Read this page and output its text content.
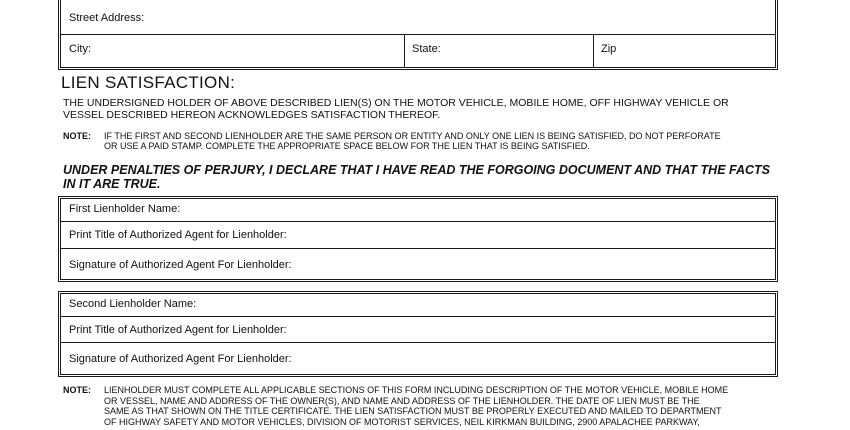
Street Address:
City:	State:	Zip
LIEN SATISFACTION:
THE UNDERSIGNED HOLDER OF ABOVE DESCRIBED LIEN(S) ON THE MOTOR VEHICLE, MOBILE HOME, OFF HIGHWAY VEHICLE OR
VESSEL DESCRIBED HEREON ACKNOWLEDGES SATISFACTION THEREOF.
NOTE: IF THE FIRST AND SECOND LIENHOLDER ARE THE SAME PERSON OR ENTITY AND ONLY ONE LIEN IS BEING SATISFIED, DO NOT PERFORATE
OR USE A PAID STAMP. COMPLETE THE APPROPRIATE SPACE BELOW FOR THE LIEN THAT IS BEING SATISFIED.
UNDER PENALTIES OF PERJURY, I DECLARE THAT I HAVE READ THE FORGOING DOCUMENT AND THAT THE FACTS
IN IT ARE TRUE.
First Lienholder Name:
Print Title of Authorized Agent for Lienholder:
Signature of Authorized Agent For Lienholder:
Second Lienholder Name:
Print Title of Authorized Agent for Lienholder:
Signature of Authorized Agent For Lienholder:
NOTE: LIENHOLDER MUST COMPLETE ALL APPLICABLE SECTIONS OF THIS FORM INCLUDING DESCRIPTION OF THE MOTOR VEHICLE, MOBILE HOME
OR VESSEL, NAME AND ADDRESS OF THE OWNER(S), AND NAME AND ADDRESS OF THE LIENHOLDER. THE DATE OF LIEN MUST BE THE
SAME AS THAT SHOWN ON THE TITLE CERTIFICATE. THE LIEN SATISFACTION MUST BE PROPERLY EXECUTED AND MAILED TO DEPARTMENT
OF HIGHWAY SAFETY AND MOTOR VEHICLES, DIVISION OF MOTORIST SERVICES, NEIL KIRKMAN BUILDING, 2900 APALACHEE PARKWAY,
